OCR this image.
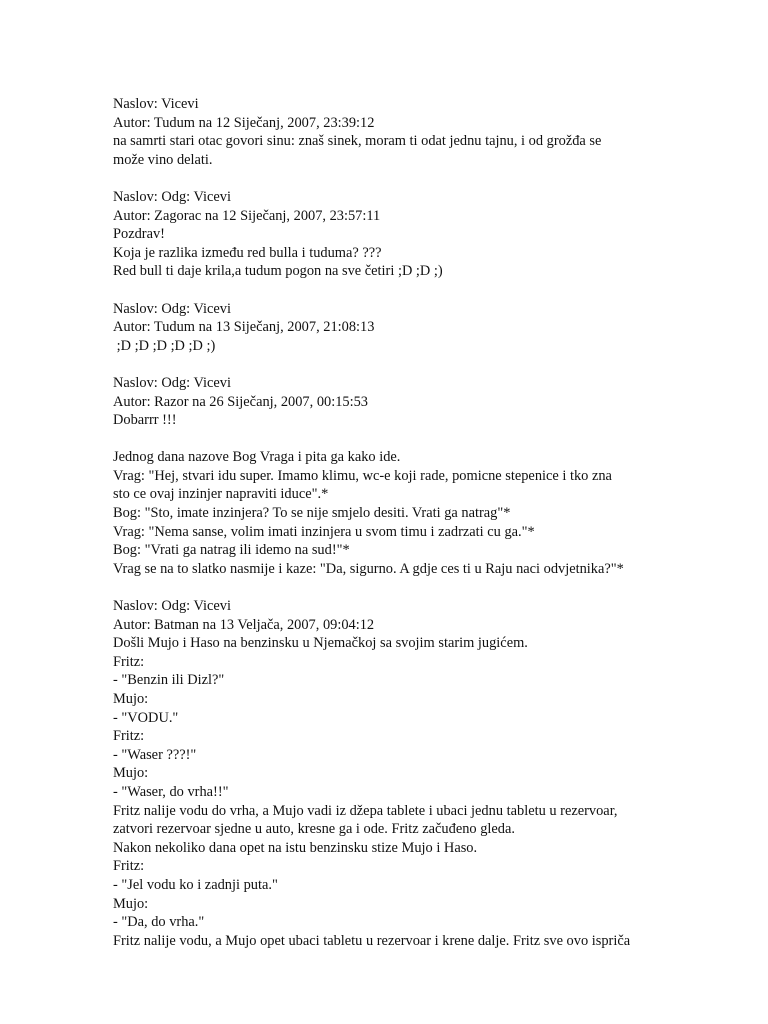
Naslov: Vicevi
Autor: Tudum na 12 Siječanj, 2007, 23:39:12
na samrti stari otac govori sinu: znaš sinek, moram ti odat jednu tajnu, i od grožđa se
može vino delati.
Naslov: Odg: Vicevi
Autor: Zagorac na 12 Siječanj, 2007, 23:57:11
Pozdrav!
Koja je razlika između red bulla i tuduma? ???
Red bull ti daje krila,a tudum pogon na sve četiri ;D ;D ;)
Naslov: Odg: Vicevi
Autor: Tudum na 13 Siječanj, 2007, 21:08:13
;D ;D ;D ;D ;D ;)
Naslov: Odg: Vicevi
Autor: Razor na 26 Siječanj, 2007, 00:15:53
Dobarrr !!!
Jednog dana nazove Bog Vraga i pita ga kako ide.
Vrag: "Hej, stvari idu super. Imamo klimu, wc-e koji rade, pomicne stepenice i tko zna
sto ce ovaj inzinjer napraviti iduce".*
Bog: "Sto, imate inzinjera? To se nije smjelo desiti. Vrati ga natrag"*
Vrag: "Nema sanse, volim imati inzinjera u svom timu i zadrzati cu ga."*
Bog: "Vrati ga natrag ili idemo na sud!"*
Vrag se na to slatko nasmije i kaze: "Da, sigurno. A gdje ces ti u Raju naci odvjetnika?"*
Naslov: Odg: Vicevi
Autor: Batman na 13 Veljača, 2007, 09:04:12
Došli Mujo i Haso na benzinsku u Njemačkoj sa svojim starim jugićem.
Fritz:
- "Benzin ili Dizl?"
Mujo:
- "VODU."
Fritz:
- "Waser ???!"
Mujo:
- "Waser, do vrha!!"
Fritz nalije vodu do vrha, a Mujo vadi iz džepa tablete i ubaci jednu tabletu u rezervoar,
zatvori rezervoar sjedne u auto, kresne ga i ode. Fritz začuđeno gleda.
Nakon nekoliko dana opet na istu benzinsku stize Mujo i Haso.
Fritz:
- "Jel vodu ko i zadnji puta."
Mujo:
- "Da, do vrha."
Fritz nalije vodu, a Mujo opet ubaci tabletu u rezervoar i krene dalje. Fritz sve ovo ispriča
